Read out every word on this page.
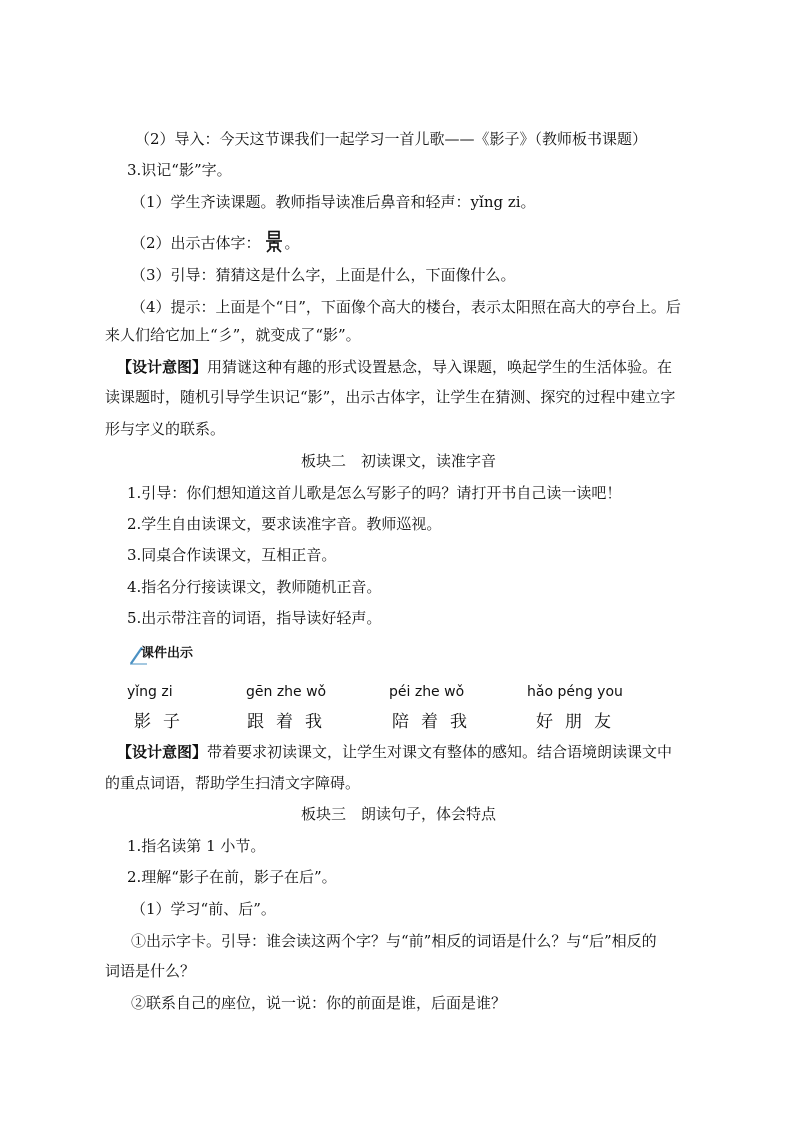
（2）导入：今天这节课我们一起学习一首儿歌——《影子》（教师板书课题）
3.识记“影”字。
（1）学生齐读课题。教师指导读准后鼻音和轻声：yǐng zi。
（2）出示古体字： 。
（3）引导：猜猜这是什么字，上面是什么，下面像什么。
（4）提示：上面是个“日”，下面像个高大的楼台，表示太阳照在高大的亭台上。后
来人们给它加上“彡”，就变成了“影”。
【设计意图】用猜谜这种有趣的形式设置悬念，导入课题，唤起学生的生活体验。在
读课题时，随机引导学生识记“影”，出示古体字，让学生在猜测、探究的过程中建立字
形与字义的联系。
板块二　初读课文，读准字音
1.引导：你们想知道这首儿歌是怎么写影子的吗？请打开书自己读一读吧！
2.学生自由读课文，要求读准字音。教师巡视。
3.同桌合作读课文，互相正音。
4.指名分行接读课文，教师随机正音。
5.出示带注音的词语，指导读好轻声。
课件出示
yǐng zi	gēn zhe wǒ	péi zhe wǒ	hǎo péng you
影子	跟着我	陪着我	好朋友
【设计意图】带着要求初读课文，让学生对课文有整体的感知。结合语境朗读课文中
的重点词语，帮助学生扫清文字障碍。
板块三　朗读句子，体会特点
1.指名读第 1 小节。
2.理解“影子在前，影子在后”。
（1）学习“前、后”。
①出示字卡。引导：谁会读这两个字？与“前”相反的词语是什么？与“后”相反的
词语是什么？
②联系自己的座位，说一说：你的前面是谁，后面是谁？
